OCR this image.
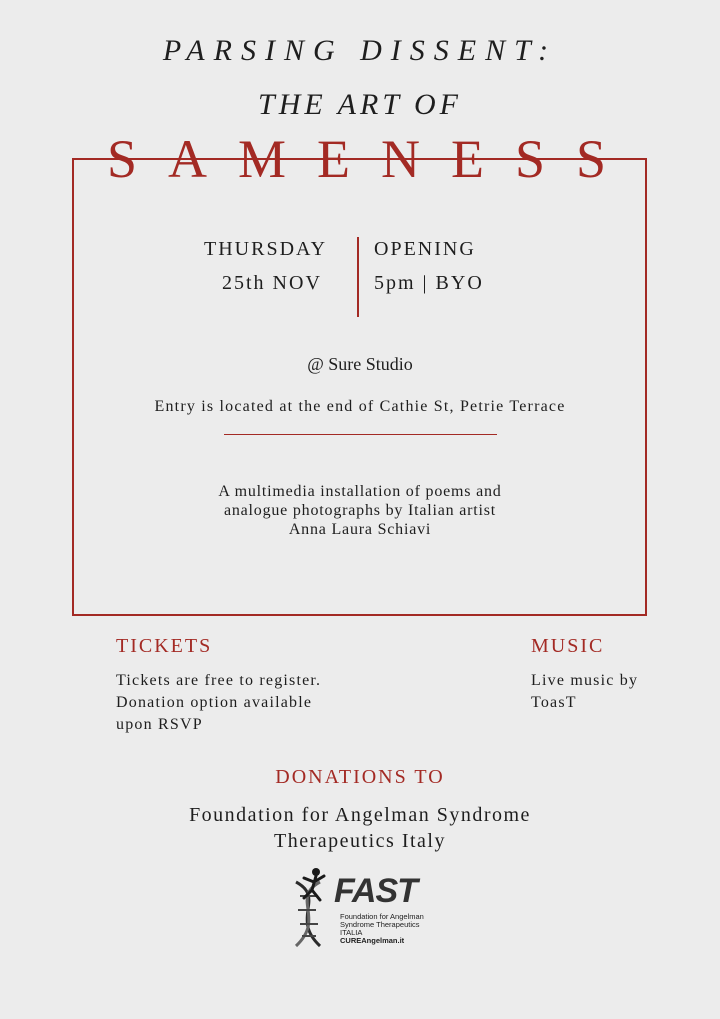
PARSING DISSENT:
THE ART OF
SAMENESS
THURSDAY
25th NOV
OPENING
5pm | BYO
@ Sure Studio
Entry is located at the end of Cathie St, Petrie Terrace
A multimedia installation of poems and
analogue photographs by Italian artist
Anna Laura Schiavi
TICKETS
Tickets are free to register.
Donation option available
upon RSVP
MUSIC
Live music by
ToasT
DONATIONS TO
Foundation for Angelman Syndrome
Therapeutics Italy
FAST
Foundation for Angelman
Syndrome Therapeutics
ITALIA
CUREAngelman.it
